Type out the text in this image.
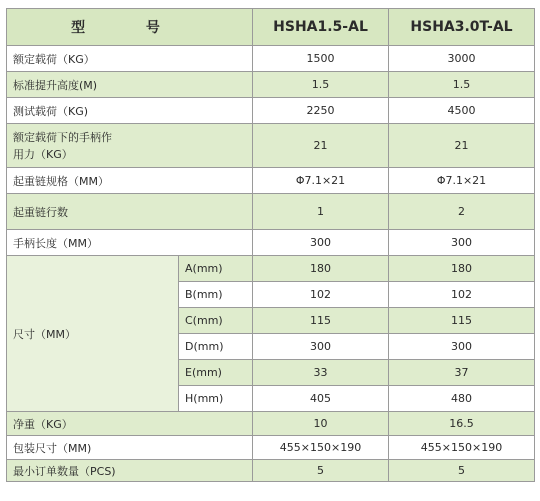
型 号		HSHA1.5-AL	HSHA3.0T-AL
额定载荷（KG）		1500	3000
标准提升高度(M)		1.5	1.5
测试载荷（KG)		2250	4500

额定载荷下的手柄作用力（KG）		21	21
起重链规格（MM）		Φ7.1×21	Φ7.1×21
起重链行数		1	2
手柄长度（MM）		300	300
尺寸（MM）	A(mm)	180	180
	B(mm)	102	102
	C(mm)	115	115
	D(mm)	300	300
	E(mm)	33	37
	H(mm)	405	480
净重（KG）		10	16.5
包装尺寸（MM)		455×150×190	455×150×190
最小订单数量（PCS)		5	5
